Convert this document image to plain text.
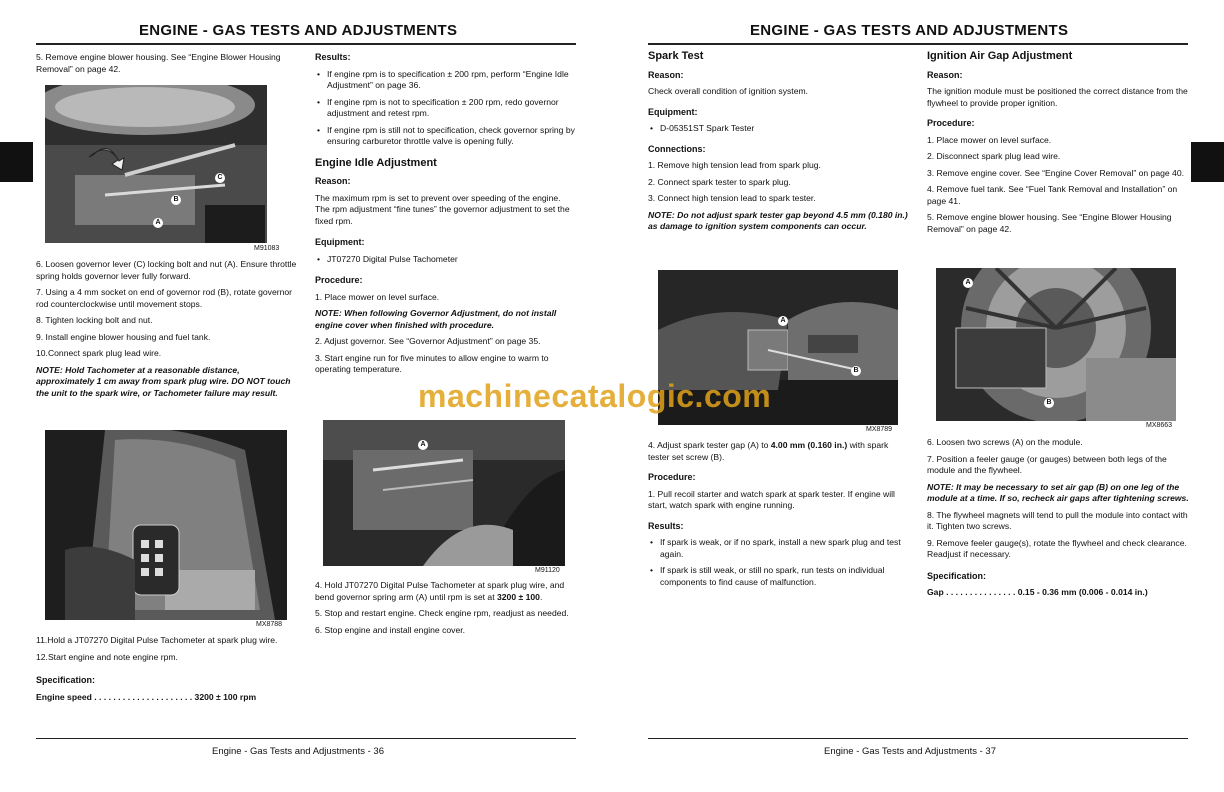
ENGINE - GAS TESTS AND ADJUSTMENTS

5. Remove engine blower housing. See “Engine Blower Housing Removal” on page 42.

C
B
A
M91083

6. Loosen governor lever (C) locking bolt and nut (A). Ensure throttle spring holds governor lever fully forward.

7. Using a 4 mm socket on end of governor rod (B), rotate governor rod counterclockwise until movement stops.

8. Tighten locking bolt and nut.

9. Install engine blower housing and fuel tank.

10.Connect spark plug lead wire.

NOTE: Hold Tachometer at a reasonable distance, approximately 1 cm away from spark plug wire. DO NOT touch the unit to the spark wire, or Tachometer failure may result.

MX8788

11.Hold a JT07270 Digital Pulse Tachometer at spark plug wire.

12.Start engine and note engine rpm.

Specification:

Engine speed . . . . . . . . . . . . . . . . . . . . . 3200 ± 100 rpm

Results:

• If engine rpm is to specification ± 200 rpm, perform “Engine Idle Adjustment” on page 36.

• If engine rpm is not to specification ± 200 rpm, redo governor adjustment and retest rpm.

• If engine rpm is still not to specification, check governor spring by ensuring carburetor throttle valve is opening fully.

Engine Idle Adjustment

Reason:

The maximum rpm is set to prevent over speeding of the engine. The rpm adjustment “fine tunes” the governor adjustment to set the fixed rpm.

Equipment:

• JT07270 Digital Pulse Tachometer

Procedure:

1. Place mower on level surface.

NOTE: When following Governor Adjustment, do not install engine cover when finished with procedure.

2. Adjust governor. See “Governor Adjustment” on page 35.

3. Start engine run for five minutes to allow engine to warm to operating temperature.

A
M91120

4. Hold JT07270 Digital Pulse Tachometer at spark plug wire, and bend governor spring arm (A) until rpm is set at 3200 ± 100.

5. Stop and restart engine. Check engine rpm, readjust as needed.

6. Stop engine and install engine cover.

Engine - Gas Tests and Adjustments - 36
ENGINE - GAS TESTS AND ADJUSTMENTS

Spark Test

Reason:

Check overall condition of ignition system.

Equipment:

• D-05351ST Spark Tester

Connections:

1. Remove high tension lead from spark plug.

2. Connect spark tester to spark plug.

3. Connect high tension lead to spark tester.

NOTE: Do not adjust spark tester gap beyond 4.5 mm (0.180 in.) as damage to ignition system components can occur.

A
B
MX8789

4. Adjust spark tester gap (A) to 4.00 mm (0.160 in.) with spark tester set screw (B).

Procedure:

1. Pull recoil starter and watch spark at spark tester. If engine will start, watch spark with engine running.

Results:

• If spark is weak, or if no spark, install a new spark plug and test again.

• If spark is still weak, or still no spark, run tests on individual components to find cause of malfunction.

Ignition Air Gap Adjustment

Reason:

The ignition module must be positioned the correct distance from the flywheel to provide proper ignition.

Procedure:

1. Place mower on level surface.

2. Disconnect spark plug lead wire.

3. Remove engine cover. See “Engine Cover Removal” on page 40.

4. Remove fuel tank. See “Fuel Tank Removal and Installation” on page 41.

5. Remove engine blower housing. See “Engine Blower Housing Removal” on page 42.

A
B
MX8663

6. Loosen two screws (A) on the module.

7. Position a feeler gauge (or gauges) between both legs of the module and the flywheel.

NOTE: It may be necessary to set air gap (B) on one leg of the module at a time. If so, recheck air gaps after tightening screws.

8. The flywheel magnets will tend to pull the module into contact with it. Tighten two screws.

9. Remove feeler gauge(s), rotate the flywheel and check clearance. Readjust if necessary.

Specification:

Gap . . . . . . . . . . . . . . . 0.15 - 0.36 mm (0.006 - 0.014 in.)

Engine - Gas Tests and Adjustments - 37
machinecatalogic.com
